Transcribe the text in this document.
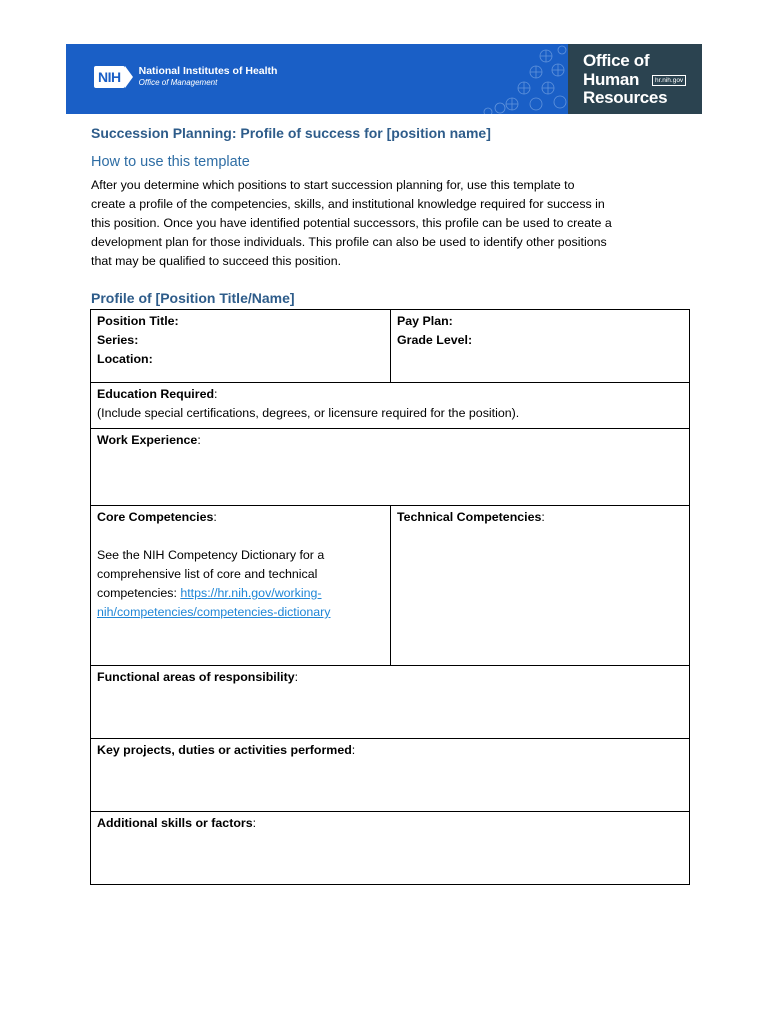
NIH	National Institutes of Health
Office of Management
Office of
Human	hr.nih.gov
Resources
Succession Planning: Profile of success for [position name]
How to use this template
After you determine which positions to start succession planning for, use this template to
create a profile of the competencies, skills, and institutional knowledge required for success in
this position. Once you have identified potential successors, this profile can be used to create a
development plan for those individuals. This profile can also be used to identify other positions
that may be qualified to succeed this position.
Profile of [Position Title/Name]
Position Title:
Series:
Location:
Pay Plan:
Grade Level:
Education Required:
(Include special certifications, degrees, or licensure required for the position).
Work Experience:
Core Competencies:

See the NIH Competency Dictionary for a
comprehensive list of core and technical
competencies: https://hr.nih.gov/working-
nih/competencies/competencies-dictionary
Technical Competencies:
Functional areas of responsibility:
Key projects, duties or activities performed:
Additional skills or factors:
